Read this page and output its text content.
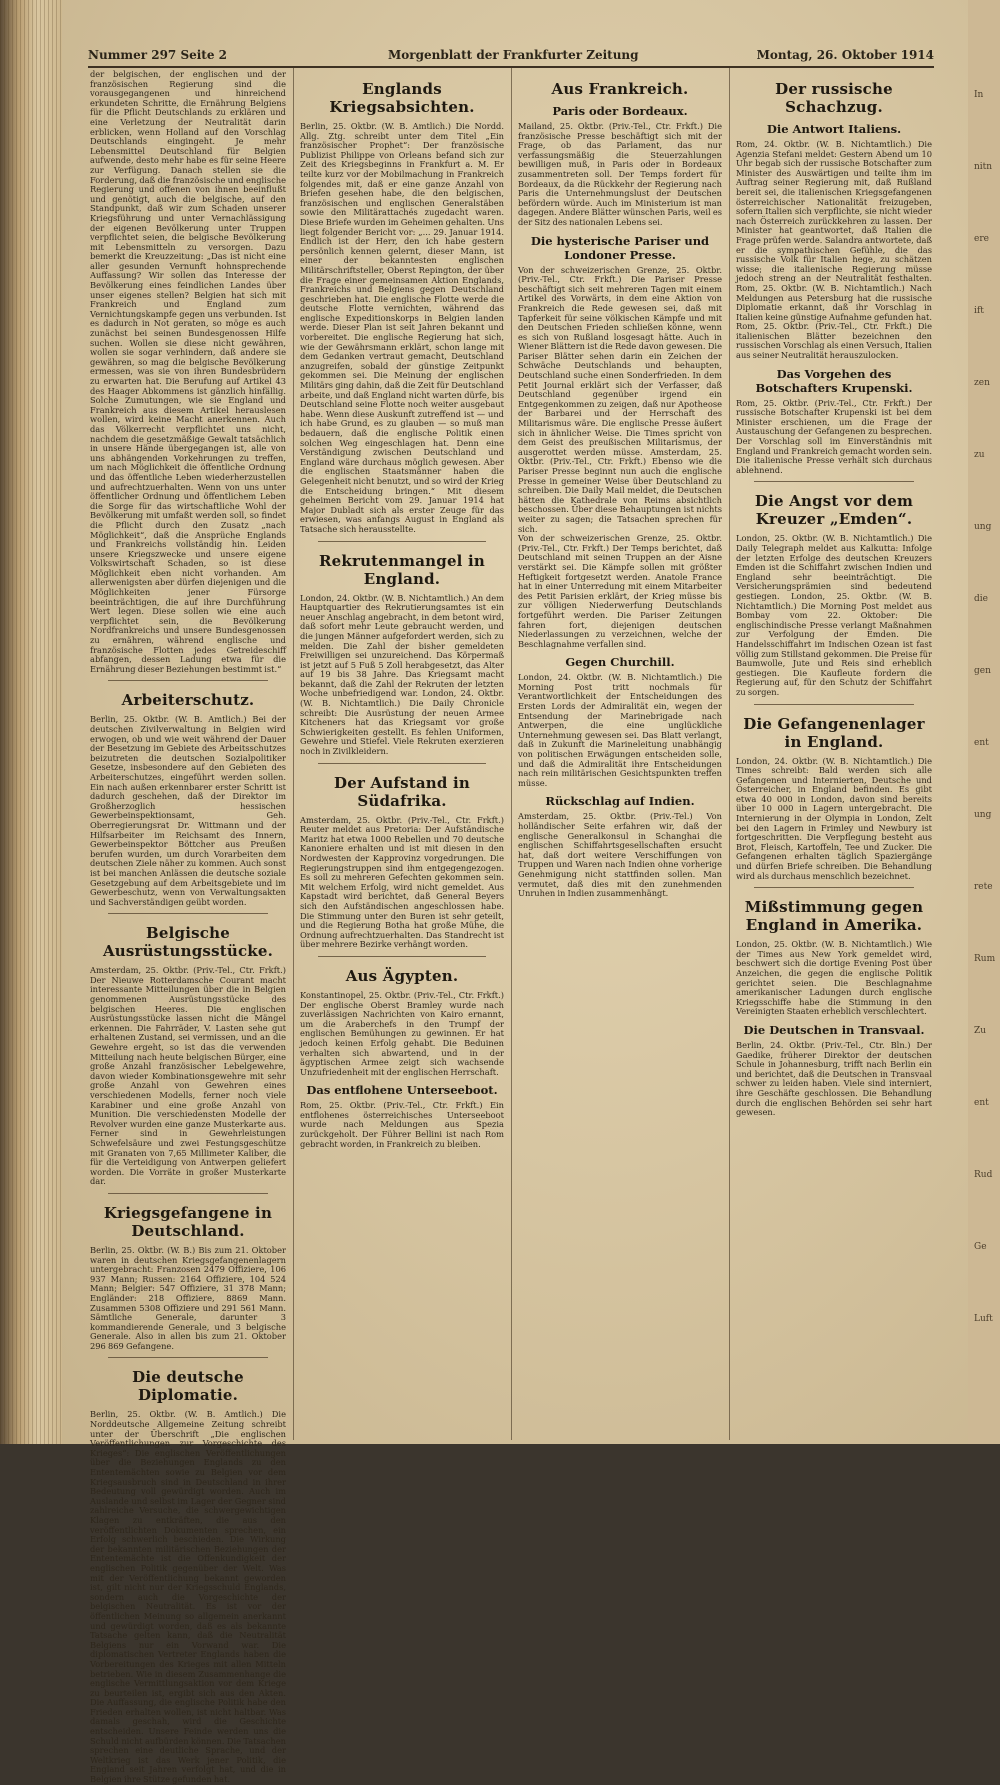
In
nitn
ere
ift
zen
zu
ung
die
gen
ent
ung
rete
Rum
Zu
ent
Rud
Ge
Luft
Nummer 297 Seite 2	Morgenblatt der Frankfurter Zeitung	Montag, 26. Oktober 1914
der belgischen, der englischen und der französischen Regierung sind die vorausgegangenen und hinreichend erkundeten Schritte, die Ernährung Belgiens für die Pflicht Deutschlands zu erklären und eine Verletzung der Neutralität darin erblicken, wenn Holland auf den Vorschlag Deutschlands eingingeht. Je mehr Lebensmittel Deutschland für Belgien aufwende, desto mehr habe es für seine Heere zur Verfügung. Danach stellen sie die Forderung, daß die französische und englische Regierung und offenen von ihnen beeinflußt und genötigt, auch die belgische, auf den Standpunkt, daß wir zum Schaden unserer Kriegsführung und unter Vernachlässigung der eigenen Bevölkerung unter Truppen verpflichtet seien, die belgische Bevölkerung mit Lebensmitteln zu versorgen. Dazu bemerkt die Kreuzzeitung: „Das ist nicht eine aller gesunden Vernunft hohnsprechende Auffassung? Wir sollen das Interesse der Bevölkerung eines feindlichen Landes über unser eigenes stellen? Belgien hat sich mit Frankreich und England zum Vernichtungskampfe gegen uns verbunden. Ist es dadurch in Not geraten, so möge es auch zunächst bei seinen Bundesgenossen Hilfe suchen. Wollen sie diese nicht gewähren, wollen sie sogar verhindern, daß andere sie gewähren, so mag die belgische Bevölkerung ermessen, was sie von ihren Bundesbrüdern zu erwarten hat. Die Berufung auf Artikel 43 des Haager Abkommens ist gänzlich hinfällig. Solche Zumutungen, wie sie England und Frankreich aus diesem Artikel herauslesen wollen, wird keine Macht anerkennen. Auch das Völkerrecht verpflichtet uns nicht, nachdem die gesetzmäßige Gewalt tatsächlich in unsere Hände übergegangen ist, alle von uns abhängenden Vorkehrungen zu treffen, um nach Möglichkeit die öffentliche Ordnung und das öffentliche Leben wiederherzustellen und aufrechtzuerhalten. Wenn von uns unter öffentlicher Ordnung und öffentlichem Leben die Sorge für das wirtschaftliche Wohl der Bevölkerung mit umfaßt werden soll, so findet die Pflicht durch den Zusatz „nach Möglichkeit“, daß die Ansprüche Englands und Frankreichs vollständig hin. Leiden unsere Kriegszwecke und unsere eigene Volkswirtschaft Schaden, so ist diese Möglichkeit eben nicht vorhanden. Am allerwenigsten aber dürfen diejenigen und die Möglichkeiten jener Fürsorge beeinträchtigen, die auf ihre Durchführung Wert legen. Diese sollen wie eine auch verpflichtet sein, die Bevölkerung Nordfrankreichs und unsere Bundesgenossen zu ernähren, während englische und französische Flotten jedes Getreideschiff abfangen, dessen Ladung etwa für die Ernährung dieser Beziehungen bestimmt ist.“
Arbeiterschutz.
Berlin, 25. Oktbr. (W. B. Amtlich.) Bei der deutschen Zivilverwaltung in Belgien wird erwogen, ob und wie weit während der Dauer der Besetzung im Gebiete des Arbeitsschutzes beizutreten die deutschen Sozialpolitiker Gesetze, insbesondere auf den Gebieten des Arbeiterschutzes, eingeführt werden sollen. Ein nach außen erkennbarer erster Schritt ist dadurch geschehen, daß der Direktor im Großherzoglich hessischen Gewerbeinspektionsamt, Geh. Oberregierungsrat Dr. Wittmann und der Hilfsarbeiter im Reichsamt des Innern, Gewerbeinspektor Böttcher aus Preußen berufen wurden, um durch Vorarbeiten dem deutschen Ziele näher zu kommen. Auch sonst ist bei manchen Anlässen die deutsche soziale Gesetzgebung auf dem Arbeitsgebiete und im Gewerbeschutz, wenn von Verwaltungsakten und Sachverständigen geübt worden.
Belgische Ausrüstungsstücke.
Amsterdam, 25. Oktbr. (Priv.-Tel., Ctr. Frkft.) Der Nieuwe Rotterdamsche Courant macht interessante Mitteilungen über die in Belgien genommenen Ausrüstungsstücke des belgischen Heeres. Die englischen Ausrüstungsstücke lassen nicht die Mängel erkennen. Die Fahrräder, V. Lasten sehe gut erhaltenen Zustand, sei vermissen, und an die Gewehre ergeht, so ist das die verwenden Mitteilung nach heute belgischen Bürger, eine große Anzahl französischer Lebelgewehre, davon wieder Kombinationsgewehre mit sehr große Anzahl von Gewehren eines verschiedenen Modells, ferner noch viele Karabiner und eine große Anzahl von Munition. Die verschiedensten Modelle der Revolver wurden eine ganze Musterkarte aus. Ferner sind in Gewehrleistungen Schwefelsäure und zwei Festungsgeschütze mit Granaten von 7,65 Millimeter Kaliber, die für die Verteidigung von Antwerpen geliefert worden. Die Vorräte in großer Musterkarte dar.
Kriegsgefangene in Deutschland.
Berlin, 25. Oktbr. (W. B.) Bis zum 21. Oktober waren in deutschen Kriegsgefangenenlagern untergebracht: Franzosen 2479 Offiziere, 106 937 Mann; Russen: 2164 Offiziere, 104 524 Mann; Belgier: 547 Offiziere, 31 378 Mann; Engländer: 218 Offiziere, 8869 Mann. Zusammen 5308 Offiziere und 291 561 Mann. Sämtliche Generale, darunter 3 kommandierende Generale, und 3 belgische Generale. Also in allen bis zum 21. Oktober 296 869 Gefangene.
Die deutsche Diplomatie.
Berlin, 25. Oktbr. (W. B. Amtlich.) Die Norddeutsche Allgemeine Zeitung schreibt unter der Überschrift „Die englischen Veröffentlichungen zur Vorgeschichte des Krieges“: Die englischen Veröffentlichungen über die Beziehungen Englands zu den Ententemächten sowie zu Belgien vor dem Kriegsausbruch sind in Deutschland in ihrer Bedeutung voll gewürdigt worden. Auch im Auslande und selbst im Lager der Gegner sind zahlreiche Versuche, die schwergewichtigen Klagen zu entkräften, die aus den veröffentlichten Dokumenten sprechen, ein Erfolg schwerlich beschieden. Die Wirkung der bekannten militärischen Beziehungen der Ententemächte ist die Offenkundigkeit der englischen Politik gegenüber der Welt. Was mit der Veröffentlichung bekannt geworden ist, gilt nicht nur der Kriegsschuld Englands, sondern auch die Vorgeschichte der belgischen Neutralität. Es ist vor der öffentlichen Meinung so allgemein anerkannt und gewürdigt worden, daß es als bekannte Tatsache gelten kann, daß die Neutralität Belgiens nur ein Vorwand war. Die diplomatischen Vertreter Englands haben die Vorbereitungen des Krieges mit allen Mitteln betrieben. Wie in diesem Zusammenhange die englische Vermittlungsaktion vor dem Kriege zu beurteilen ist, ergibt sich aus den Akten. Die Auffassung, die englische Politik habe den Frieden erhalten wollen, ist nicht haltbar. Was damals geschah, wird die Geschichte entscheiden. Unsere Feinde werden uns die Schuld nicht aufbürden können. Die Tatsachen sprechen eine deutliche Sprache, und der Weltkrieg ist das Werk jener Politik, die England seit Jahren verfolgt hat, und die in Belgien ihre Stütze gefunden hat.
Englands Kriegsabsichten.
Berlin, 25. Oktbr. (W. B. Amtlich.) Die Nordd. Allg. Ztg. schreibt unter dem Titel „Ein französischer Prophet“: Der französische Publizist Philippe von Orleans befand sich zur Zeit des Kriegsbeginns in Frankfurt a. M. Er teilte kurz vor der Mobilmachung in Frankreich folgendes mit, daß er eine ganze Anzahl von Briefen gesehen habe, die den belgischen, französischen und englischen Generalstäben sowie den Militärattachés zugedacht waren. Diese Briefe wurden im Geheimen gehalten. Uns liegt folgender Bericht vor: „... 29. Januar 1914. Endlich ist der Herr, den ich habe gestern persönlich kennen gelernt, dieser Mann, ist einer der bekanntesten englischen Militärschriftsteller, Oberst Repington, der über die Frage einer gemeinsamen Aktion Englands, Frankreichs und Belgiens gegen Deutschland geschrieben hat. Die englische Flotte werde die deutsche Flotte vernichten, während das englische Expeditionskorps in Belgien landen werde. Dieser Plan ist seit Jahren bekannt und vorbereitet. Die englische Regierung hat sich, wie der Gewährsmann erklärt, schon lange mit dem Gedanken vertraut gemacht, Deutschland anzugreifen, sobald der günstige Zeitpunkt gekommen sei. Die Meinung der englischen Militärs ging dahin, daß die Zeit für Deutschland arbeite, und daß England nicht warten dürfe, bis Deutschland seine Flotte noch weiter ausgebaut habe. Wenn diese Auskunft zutreffend ist — und ich habe Grund, es zu glauben — so muß man bedauern, daß die englische Politik einen solchen Weg eingeschlagen hat. Denn eine Verständigung zwischen Deutschland und England wäre durchaus möglich gewesen. Aber die englischen Staatsmänner haben die Gelegenheit nicht benutzt, und so wird der Krieg die Entscheidung bringen.“ Mit diesem geheimen Bericht vom 29. Januar 1914 hat Major Dubladt sich als erster Zeuge für das erwiesen, was anfangs August in England als Tatsache sich herausstellte.
Rekrutenmangel in England.
London, 24. Oktbr. (W. B. Nichtamtlich.) An dem Hauptquartier des Rekrutierungsamtes ist ein neuer Anschlag angebracht, in dem betont wird, daß sofort mehr Leute gebraucht werden, und die jungen Männer aufgefordert werden, sich zu melden. Die Zahl der bisher gemeldeten Freiwilligen sei unzureichend. Das Körpermaß ist jetzt auf 5 Fuß 5 Zoll herabgesetzt, das Alter auf 19 bis 38 Jahre. Das Kriegsamt macht bekannt, daß die Zahl der Rekruten der letzten Woche unbefriedigend war. London, 24. Oktbr. (W. B. Nichtamtlich.) Die Daily Chronicle schreibt: Die Ausrüstung der neuen Armee Kitcheners hat das Kriegsamt vor große Schwierigkeiten gestellt. Es fehlen Uniformen, Gewehre und Stiefel. Viele Rekruten exerzieren noch in Zivilkleidern.
Der Aufstand in Südafrika.
Amsterdam, 25. Oktbr. (Priv.-Tel., Ctr. Frkft.) Reuter meldet aus Pretoria: Der Aufständische Maritz hat etwa 1000 Rebellen und 70 deutsche Kanoniere erhalten und ist mit diesen in den Nordwesten der Kapprovinz vorgedrungen. Die Regierungstruppen sind ihm entgegengezogen. Es soll zu mehreren Gefechten gekommen sein. Mit welchem Erfolg, wird nicht gemeldet. Aus Kapstadt wird berichtet, daß General Beyers sich den Aufständischen angeschlossen habe. Die Stimmung unter den Buren ist sehr geteilt, und die Regierung Botha hat große Mühe, die Ordnung aufrechtzuerhalten. Das Standrecht ist über mehrere Bezirke verhängt worden.
Aus Ägypten.
Konstantinopel, 25. Oktbr. (Priv.-Tel., Ctr. Frkft.) Der englische Oberst Bramley wurde nach zuverlässigen Nachrichten von Kairo ernannt, um die Araberchefs in den Trumpf der englischen Bemühungen zu gewinnen. Er hat jedoch keinen Erfolg gehabt. Die Beduinen verhalten sich abwartend, und in der ägyptischen Armee zeigt sich wachsende Unzufriedenheit mit der englischen Herrschaft.
Das entflohene Unterseeboot.
Rom, 25. Oktbr. (Priv.-Tel., Ctr. Frkft.) Ein entflohenes österreichisches Unterseeboot wurde nach Meldungen aus Spezia zurückgeholt. Der Führer Bellini ist nach Rom gebracht worden, in Frankreich zu bleiben.
Aus Frankreich.
Paris oder Bordeaux.
Mailand, 25. Oktbr. (Priv.-Tel., Ctr. Frkft.) Die französische Presse beschäftigt sich mit der Frage, ob das Parlament, das nur verfassungsmäßig die Steuerzahlungen bewilligen muß, in Paris oder in Bordeaux zusammentreten soll. Der Temps fordert für Bordeaux, da die Rückkehr der Regierung nach Paris die Unternehmungslust der Deutschen befördern würde. Auch im Ministerium ist man dagegen. Andere Blätter wünschen Paris, weil es der Sitz des nationalen Lebens sei.
Die hysterische Pariser und Londoner Presse.
Von der schweizerischen Grenze, 25. Oktbr. (Priv.-Tel., Ctr. Frkft.) Die Pariser Presse beschäftigt sich seit mehreren Tagen mit einem Artikel des Vorwärts, in dem eine Aktion von Frankreich die Rede gewesen sei, daß mit Tapferkeit für seine völkischen Kämpfe und mit den Deutschen Frieden schließen könne, wenn es sich von Rußland losgesagt hätte. Auch in Wiener Blättern ist die Rede davon gewesen. Die Pariser Blätter sehen darin ein Zeichen der Schwäche Deutschlands und behaupten, Deutschland suche einen Sonderfrieden. In dem Petit Journal erklärt sich der Verfasser, daß Deutschland gegenüber irgend ein Entgegenkommen zu zeigen, daß nur Apotheose der Barbarei und der Herrschaft des Militarismus wäre. Die englische Presse äußert sich in ähnlicher Weise. Die Times spricht von dem Geist des preußischen Militarismus, der ausgerottet werden müsse. Amsterdam, 25. Oktbr. (Priv.-Tel., Ctr. Frkft.) Ebenso wie die Pariser Presse beginnt nun auch die englische Presse in gemeiner Weise über Deutschland zu schreiben. Die Daily Mail meldet, die Deutschen hätten die Kathedrale von Reims absichtlich beschossen. Über diese Behauptungen ist nichts weiter zu sagen; die Tatsachen sprechen für sich.
Von der schweizerischen Grenze, 25. Oktbr. (Priv.-Tel., Ctr. Frkft.) Der Temps berichtet, daß Deutschland mit seinen Truppen an der Aisne verstärkt sei. Die Kämpfe sollen mit größter Heftigkeit fortgesetzt werden. Anatole France hat in einer Unterredung mit einem Mitarbeiter des Petit Parisien erklärt, der Krieg müsse bis zur völligen Niederwerfung Deutschlands fortgeführt werden. Die Pariser Zeitungen fahren fort, diejenigen deutschen Niederlassungen zu verzeichnen, welche der Beschlagnahme verfallen sind.
Gegen Churchill.
London, 24. Oktbr. (W. B. Nichtamtlich.) Die Morning Post tritt nochmals für Verantwortlichkeit der Entscheidungen des Ersten Lords der Admiralität ein, wegen der Entsendung der Marinebrigade nach Antwerpen, die eine unglückliche Unternehmung gewesen sei. Das Blatt verlangt, daß in Zukunft die Marineleitung unabhängig von politischen Erwägungen entscheiden solle, und daß die Admiralität ihre Entscheidungen nach rein militärischen Gesichtspunkten treffen müsse.
Rückschlag auf Indien.
Amsterdam, 25. Oktbr. (Priv.-Tel.) Von holländischer Seite erfahren wir, daß der englische Generalkonsul in Schanghai die englischen Schiffahrtsgesellschaften ersucht hat, daß dort weitere Verschiffungen von Truppen und Waren nach Indien ohne vorherige Genehmigung nicht stattfinden sollen. Man vermutet, daß dies mit den zunehmenden Unruhen in Indien zusammenhängt.
Der russische Schachzug.
Die Antwort Italiens.
Rom, 24. Oktbr. (W. B. Nichtamtlich.) Die Agenzia Stefani meldet: Gestern Abend um 10 Uhr begab sich der russische Botschafter zum Minister des Auswärtigen und teilte ihm im Auftrag seiner Regierung mit, daß Rußland bereit sei, die italienischen Kriegsgefangenen österreichischer Nationalität freizugeben, sofern Italien sich verpflichte, sie nicht wieder nach Österreich zurückkehren zu lassen. Der Minister hat geantwortet, daß Italien die Frage prüfen werde. Salandra antwortete, daß er die sympathischen Gefühle, die das russische Volk für Italien hege, zu schätzen wisse; die italienische Regierung müsse jedoch streng an der Neutralität festhalten. Rom, 25. Oktbr. (W. B. Nichtamtlich.) Nach Meldungen aus Petersburg hat die russische Diplomatie erkannt, daß ihr Vorschlag in Italien keine günstige Aufnahme gefunden hat. Rom, 25. Oktbr. (Priv.-Tel., Ctr. Frkft.) Die italienischen Blätter bezeichnen den russischen Vorschlag als einen Versuch, Italien aus seiner Neutralität herauszulocken.
Das Vorgehen des Botschafters Krupenski.
Rom, 25. Oktbr. (Priv.-Tel., Ctr. Frkft.) Der russische Botschafter Krupenski ist bei dem Minister erschienen, um die Frage der Austauschung der Gefangenen zu besprechen. Der Vorschlag soll im Einverständnis mit England und Frankreich gemacht worden sein. Die italienische Presse verhält sich durchaus ablehnend.
Die Angst vor dem Kreuzer „Emden“.
London, 25. Oktbr. (W. B. Nichtamtlich.) Die Daily Telegraph meldet aus Kalkutta: Infolge der letzten Erfolge des deutschen Kreuzers Emden ist die Schiffahrt zwischen Indien und England sehr beeinträchtigt. Die Versicherungsprämien sind bedeutend gestiegen. London, 25. Oktbr. (W. B. Nichtamtlich.) Die Morning Post meldet aus Bombay vom 22. Oktober: Die englischindische Presse verlangt Maßnahmen zur Verfolgung der Emden. Die Handelsschiffahrt im Indischen Ozean ist fast völlig zum Stillstand gekommen. Die Preise für Baumwolle, Jute und Reis sind erheblich gestiegen. Die Kaufleute fordern die Regierung auf, für den Schutz der Schiffahrt zu sorgen.
Die Gefangenenlager in England.
London, 24. Oktbr. (W. B. Nichtamtlich.) Die Times schreibt: Bald werden sich alle Gefangenen und Internierten, Deutsche und Österreicher, in England befinden. Es gibt etwa 40 000 in London, davon sind bereits über 10 000 in Lagern untergebracht. Die Internierung in der Olympia in London, Zelt bei den Lagern in Frimley und Newbury ist fortgeschritten. Die Verpflegung besteht aus Brot, Fleisch, Kartoffeln, Tee und Zucker. Die Gefangenen erhalten täglich Spaziergänge und dürfen Briefe schreiben. Die Behandlung wird als durchaus menschlich bezeichnet.
Mißstimmung gegen England in Amerika.
London, 25. Oktbr. (W. B. Nichtamtlich.) Wie der Times aus New York gemeldet wird, beschwert sich die dortige Evening Post über Anzeichen, die gegen die englische Politik gerichtet seien. Die Beschlagnahme amerikanischer Ladungen durch englische Kriegsschiffe habe die Stimmung in den Vereinigten Staaten erheblich verschlechtert.
Die Deutschen in Transvaal.
Berlin, 24. Oktbr. (Priv.-Tel., Ctr. Bln.) Der Gaedike, früherer Direktor der deutschen Schule in Johannesburg, trifft nach Berlin ein und berichtet, daß die Deutschen in Transvaal schwer zu leiden haben. Viele sind interniert, ihre Geschäfte geschlossen. Die Behandlung durch die englischen Behörden sei sehr hart gewesen.
